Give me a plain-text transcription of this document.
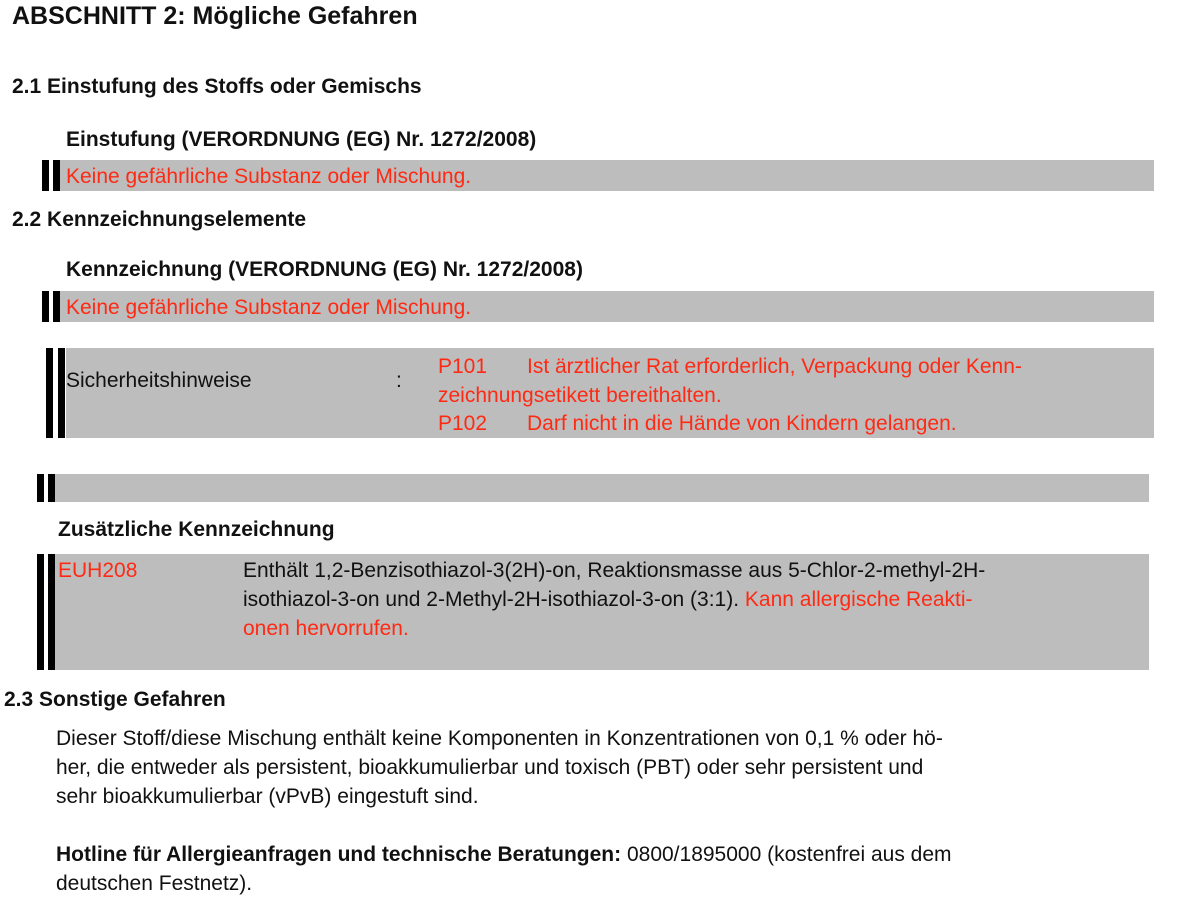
ABSCHNITT 2: Mögliche Gefahren
2.1 Einstufung des Stoffs oder Gemischs
Einstufung (VERORDNUNG (EG) Nr. 1272/2008)
Keine gefährliche Substanz oder Mischung.
2.2 Kennzeichnungselemente
Kennzeichnung (VERORDNUNG (EG) Nr. 1272/2008)
Keine gefährliche Substanz oder Mischung.
Sicherheitshinweise	:
P101 Ist ärztlicher Rat erforderlich, Verpackung oder Kenn-
zeichnungsetikett bereithalten.
P102 Darf nicht in die Hände von Kindern gelangen.
Zusätzliche Kennzeichnung
EUH208	Enthält 1,2-Benzisothiazol-3(2H)-on, Reaktionsmasse aus 5-Chlor-2-methyl-2H-
isothiazol-3-on und 2-Methyl-2H-isothiazol-3-on (3:1). Kann allergische Reakti-
onen hervorrufen.
2.3 Sonstige Gefahren
Dieser Stoff/diese Mischung enthält keine Komponenten in Konzentrationen von 0,1 % oder hö-
her, die entweder als persistent, bioakkumulierbar und toxisch (PBT) oder sehr persistent und
sehr bioakkumulierbar (vPvB) eingestuft sind.
Hotline für Allergieanfragen und technische Beratungen: 0800/1895000 (kostenfrei aus dem
deutschen Festnetz).
